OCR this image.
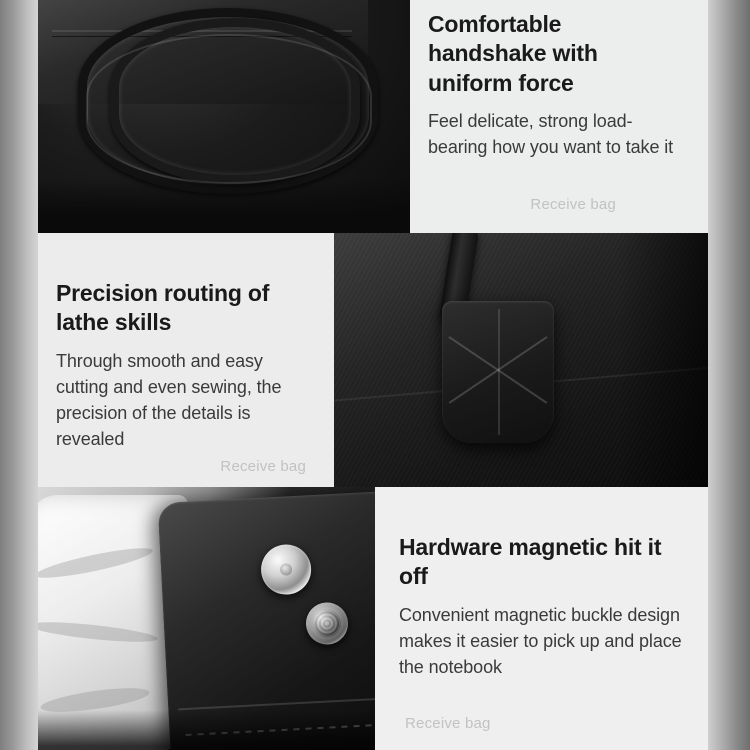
Comfortable handshake with uniform force
Feel delicate, strong load-bearing how you want to take it
Receive bag
Precision routing of lathe skills
Through smooth and easy cutting and even sewing, the precision of the details is revealed
Receive bag
Hardware magnetic hit it off
Convenient magnetic buckle design makes it easier to pick up and place the notebook
Receive bag
